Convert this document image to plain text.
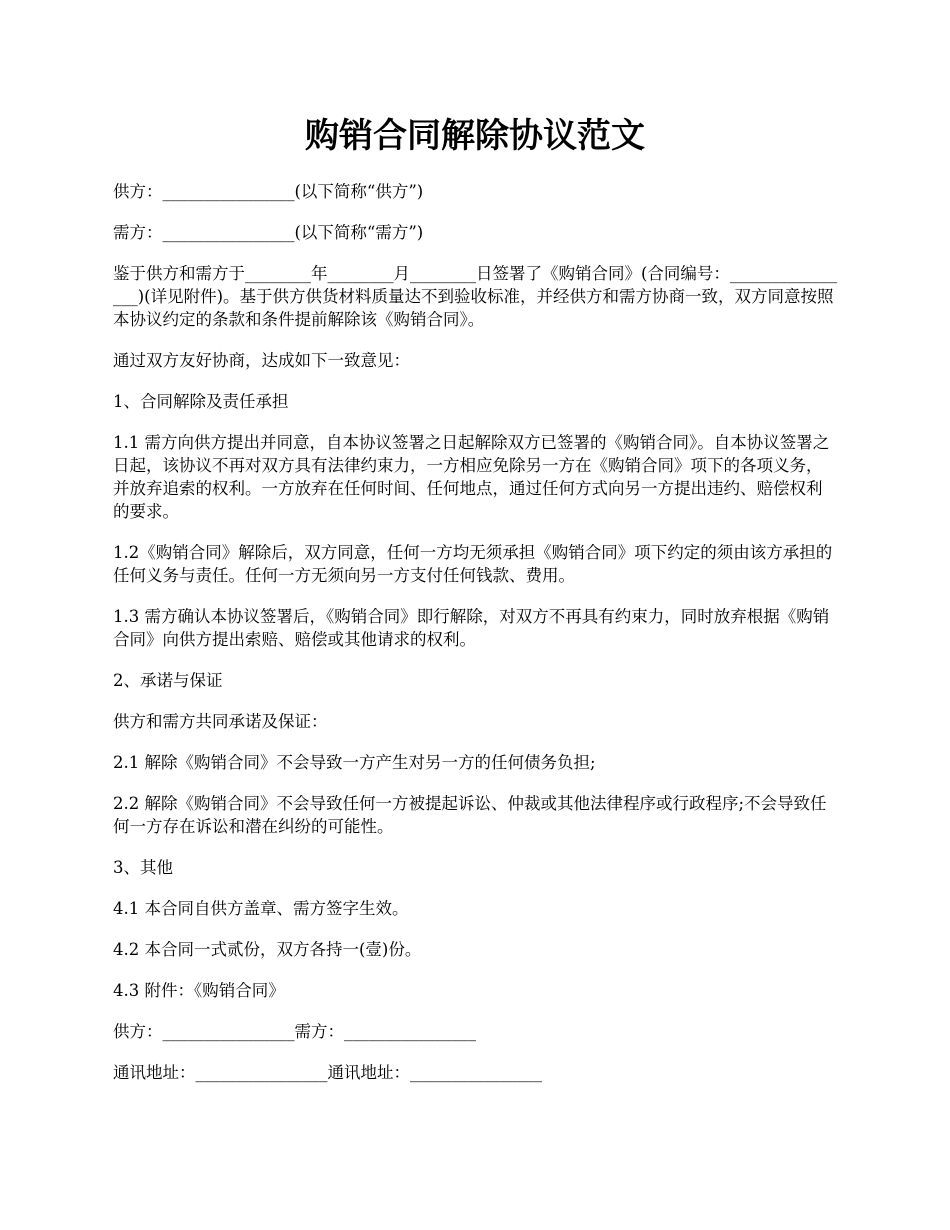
购销合同解除协议范文

供方：________________(以下简称“供方”)

需方：________________(以下简称“需方”)

鉴于供方和需方于________年________月________日签署了《购销合同》(合同编号：________________)(详见附件)。基于供方供货材料质量达不到验收标准，并经供方和需方协商一致，双方同意按照本协议约定的条款和条件提前解除该《购销合同》。

通过双方友好协商，达成如下一致意见：

1、合同解除及责任承担

1.1 需方向供方提出并同意，自本协议签署之日起解除双方已签署的《购销合同》。自本协议签署之日起，该协议不再对双方具有法律约束力，一方相应免除另一方在《购销合同》项下的各项义务，并放弃追索的权利。一方放弃在任何时间、任何地点，通过任何方式向另一方提出违约、赔偿权利的要求。

1.2《购销合同》解除后，双方同意，任何一方均无须承担《购销合同》项下约定的须由该方承担的任何义务与责任。任何一方无须向另一方支付任何钱款、费用。

1.3 需方确认本协议签署后，《购销合同》即行解除，对双方不再具有约束力，同时放弃根据《购销合同》向供方提出索赔、赔偿或其他请求的权利。

2、承诺与保证

供方和需方共同承诺及保证：

2.1 解除《购销合同》不会导致一方产生对另一方的任何债务负担;

2.2 解除《购销合同》不会导致任何一方被提起诉讼、仲裁或其他法律程序或行政程序;不会导致任何一方存在诉讼和潜在纠纷的可能性。

3、其他

4.1 本合同自供方盖章、需方签字生效。

4.2 本合同一式贰份，双方各持一(壹)份。

4.3 附件：《购销合同》

供方：________________需方：________________

通讯地址：________________通讯地址：________________
